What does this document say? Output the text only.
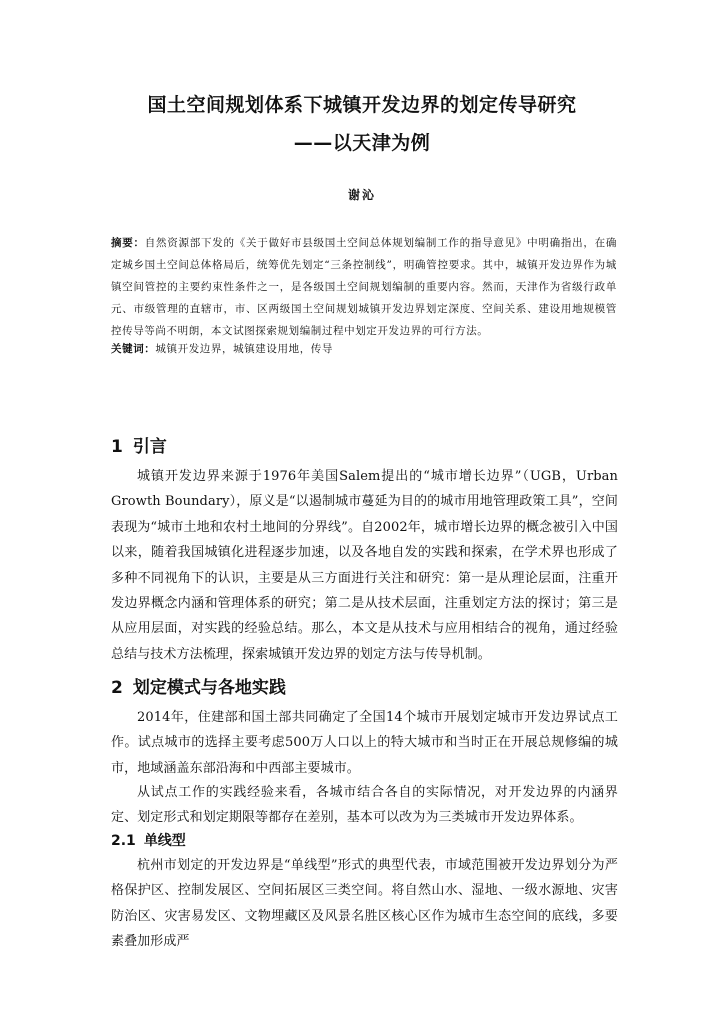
国土空间规划体系下城镇开发边界的划定传导研究
——以天津为例
谢沁
摘要：自然资源部下发的《关于做好市县级国土空间总体规划编制工作的指导意见》中明确指出，在确定城乡国土空间总体格局后，统筹优先划定“三条控制线”，明确管控要求。其中，城镇开发边界作为城镇空间管控的主要约束性条件之一，是各级国土空间规划编制的重要内容。然而，天津作为省级行政单元、市级管理的直辖市，市、区两级国土空间规划城镇开发边界划定深度、空间关系、建设用地规模管控传导等尚不明朗，本文试图探索规划编制过程中划定开发边界的可行方法。
关键词：城镇开发边界，城镇建设用地，传导
1 引言
城镇开发边界来源于1976年美国Salem提出的“城市增长边界”（UGB，Urban Growth Boundary），原义是“以遏制城市蔓延为目的的城市用地管理政策工具”，空间表现为“城市土地和农村土地间的分界线”。自2002年，城市增长边界的概念被引入中国以来，随着我国城镇化进程逐步加速，以及各地自发的实践和探索，在学术界也形成了多种不同视角下的认识，主要是从三方面进行关注和研究：第一是从理论层面，注重开发边界概念内涵和管理体系的研究；第二是从技术层面，注重划定方法的探讨；第三是从应用层面，对实践的经验总结。那么，本文是从技术与应用相结合的视角，通过经验总结与技术方法梳理，探索城镇开发边界的划定方法与传导机制。
2 划定模式与各地实践
2014年，住建部和国土部共同确定了全国14个城市开展划定城市开发边界试点工作。试点城市的选择主要考虑500万人口以上的特大城市和当时正在开展总规修编的城市，地域涵盖东部沿海和中西部主要城市。
从试点工作的实践经验来看，各城市结合各自的实际情况，对开发边界的内涵界定、划定形式和划定期限等都存在差别，基本可以改为为三类城市开发边界体系。
2.1 单线型
杭州市划定的开发边界是“单线型”形式的典型代表，市域范围被开发边界划分为严格保护区、控制发展区、空间拓展区三类空间。将自然山水、湿地、一级水源地、灾害防治区、灾害易发区、文物埋藏区及风景名胜区核心区作为城市生态空间的底线，多要素叠加形成严
